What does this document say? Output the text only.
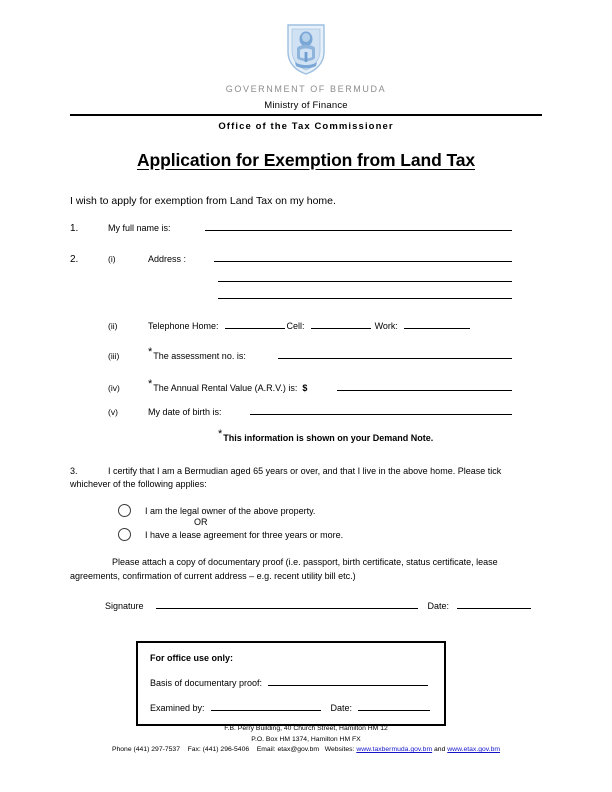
GOVERNMENT OF BERMUDA
Ministry of Finance
Office of the Tax Commissioner
Application for Exemption from Land Tax
I wish to apply for exemption from Land Tax on my home.
1.	My full name is:
2.	(i)	Address :
(ii)	Telephone Home:	Cell:	Work:
(iii)	*The assessment no. is:
(iv)	*The Annual Rental Value (A.R.V.) is: $
(v)	My date of birth is:
*This information is shown on your Demand Note.
3.	I certify that I am a Bermudian aged 65 years or over, and that I live in the above home. Please tick whichever of the following applies:
I am the legal owner of the above property.
OR
I have a lease agreement for three years or more.
Please attach a copy of documentary proof (i.e. passport, birth certificate, status certificate, lease agreements, confirmation of current address – e.g. recent utility bill etc.)
Signature	Date:
For office use only:
Basis of documentary proof:
Examined by:	Date:
F.B. Perry Building, 40 Church Street, Hamilton HM 12
P.O. Box HM 1374, Hamilton HM FX
Phone (441) 297-7537 Fax: (441) 296-5406 Email: etax@gov.bm Websites: www.taxbermuda.gov.bm and www.etax.gov.bm
